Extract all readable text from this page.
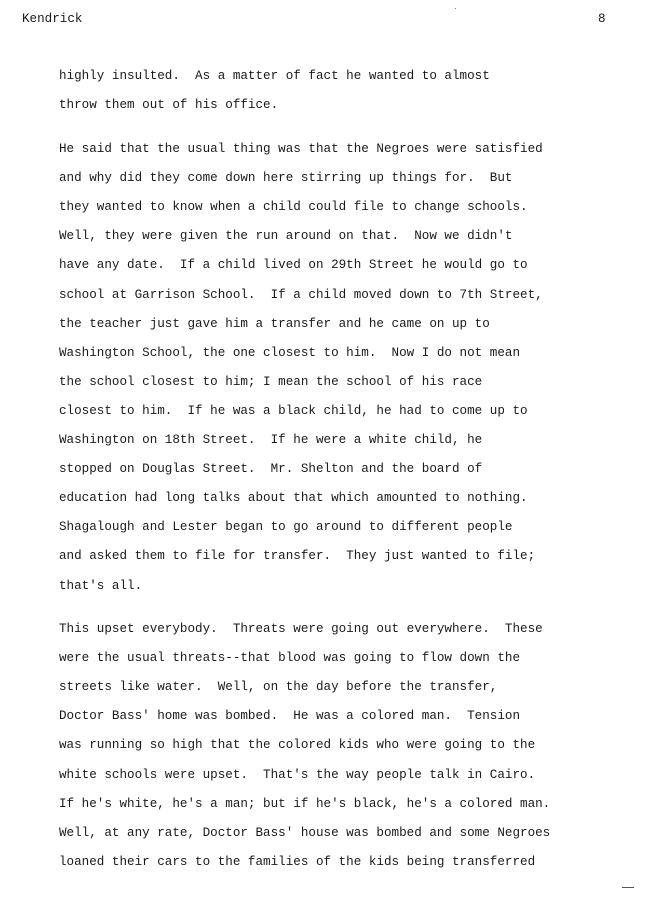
Kendrick	8
highly insulted.  As a matter of fact he wanted to almost
throw them out of his office.
He said that the usual thing was that the Negroes were satisfied
and why did they come down here stirring up things for.  But
they wanted to know when a child could file to change schools.
Well, they were given the run around on that.  Now we didn't
have any date.  If a child lived on 29th Street he would go to
school at Garrison School.  If a child moved down to 7th Street,
the teacher just gave him a transfer and he came on up to
Washington School, the one closest to him.  Now I do not mean
the school closest to him; I mean the school of his race
closest to him.  If he was a black child, he had to come up to
Washington on 18th Street.  If he were a white child, he
stopped on Douglas Street.  Mr. Shelton and the board of
education had long talks about that which amounted to nothing.
Shagalough and Lester began to go around to different people
and asked them to file for transfer.  They just wanted to file;
that's all.
This upset everybody.  Threats were going out everywhere.  These
were the usual threats--that blood was going to flow down the
streets like water.  Well, on the day before the transfer,
Doctor Bass' home was bombed.  He was a colored man.  Tension
was running so high that the colored kids who were going to the
white schools were upset.  That's the way people talk in Cairo.
If he's white, he's a man; but if he's black, he's a colored man.
Well, at any rate, Doctor Bass' house was bombed and some Negroes
loaned their cars to the families of the kids being transferred
